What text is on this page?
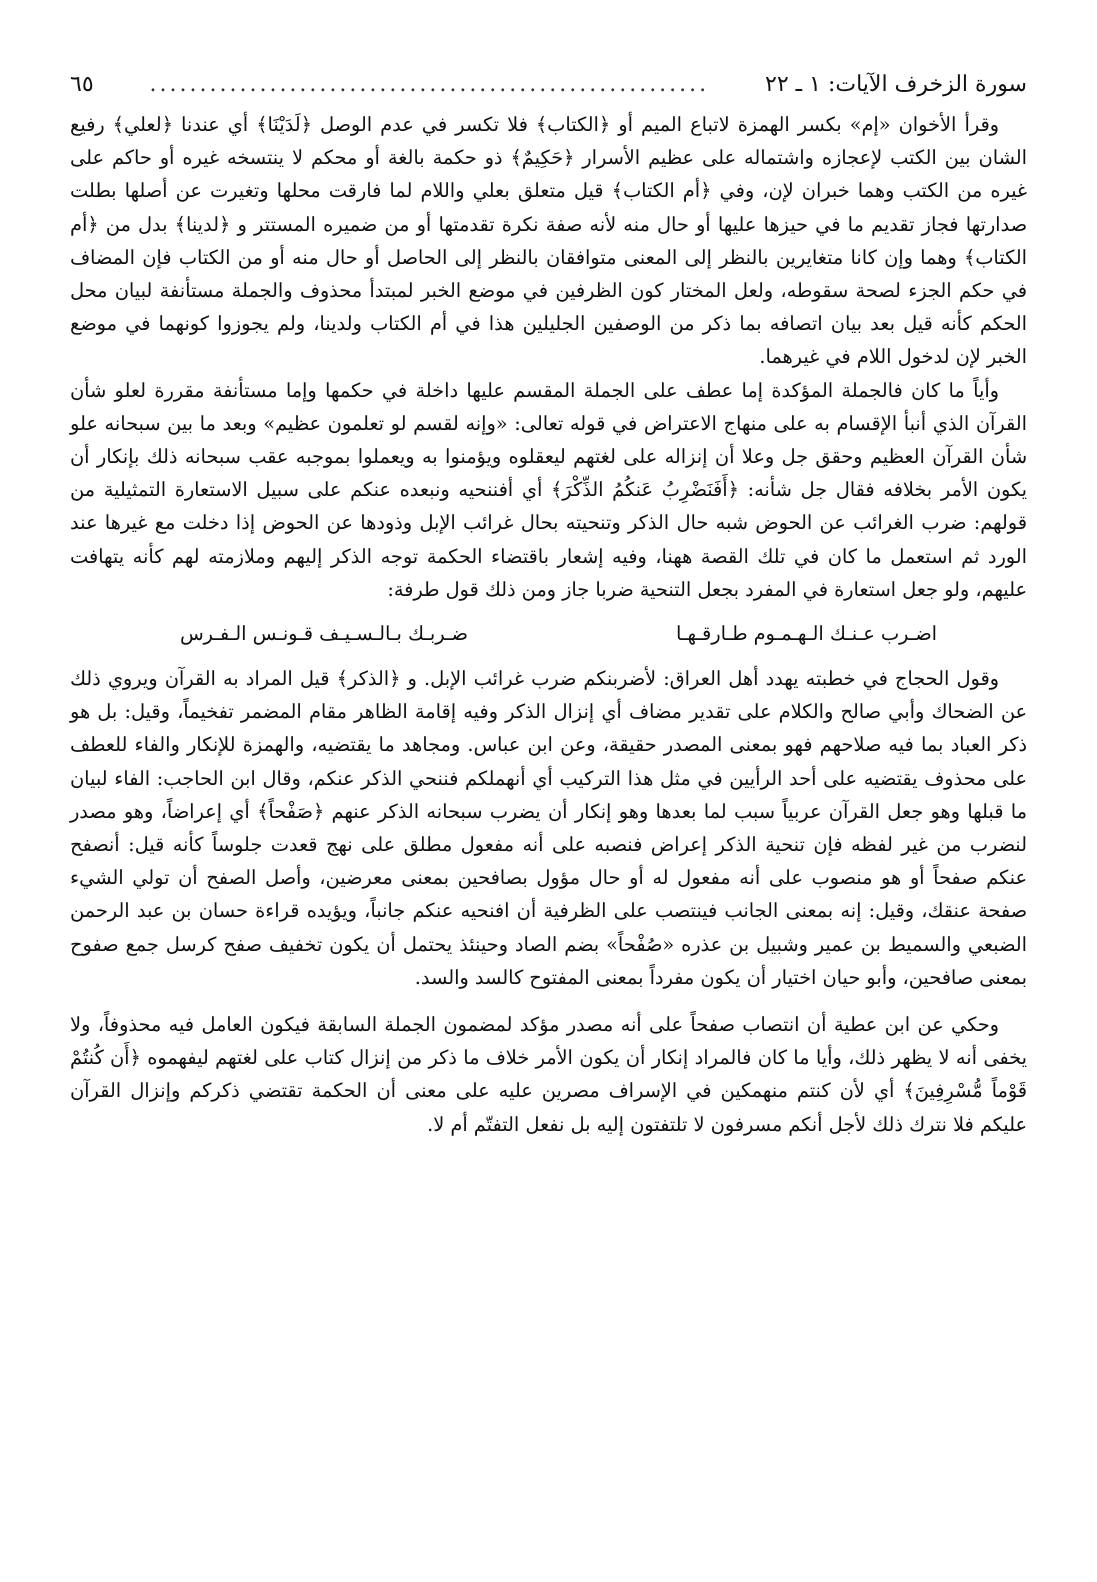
سورة الزخرف الآيات: ١ ـ ٢٢
........................................................
٦٥

وقرأ الأخوان «إم» بكسر الهمزة لاتباع الميم أو ﴿الكتاب﴾ فلا تكسر في عدم الوصل ﴿لَدَيْنَا﴾ أي عندنا ﴿لعلي﴾ رفيع الشان بين الكتب لإعجازه واشتماله على عظيم الأسرار ﴿حَكِيمٌ﴾ ذو حكمة بالغة أو محكم لا ينتسخه غيره أو حاكم على غيره من الكتب وهما خبران لإن، وفي ﴿أم الكتاب﴾ قيل متعلق بعلي واللام لما فارقت محلها وتغيرت عن أصلها بطلت صدارتها فجاز تقديم ما في حيزها عليها أو حال منه لأنه صفة نكرة تقدمتها أو من ضميره المستتر و ﴿لدينا﴾ بدل من ﴿أم الكتاب﴾ وهما وإن كانا متغايرين بالنظر إلى المعنى متوافقان بالنظر إلى الحاصل أو حال منه أو من الكتاب فإن المضاف في حكم الجزء لصحة سقوطه، ولعل المختار كون الظرفين في موضع الخبر لمبتدأ محذوف والجملة مستأنفة لبيان محل الحكم كأنه قيل بعد بيان اتصافه بما ذكر من الوصفين الجليلين هذا في أم الكتاب ولدينا، ولم يجوزوا كونهما في موضع الخبر لإن لدخول اللام في غيرهما.

وأياً ما كان فالجملة المؤكدة إما عطف على الجملة المقسم عليها داخلة في حكمها وإما مستأنفة مقررة لعلو شأن القرآن الذي أنبأ الإقسام به على منهاج الاعتراض في قوله تعالى: «وإنه لقسم لو تعلمون عظيم» وبعد ما بين سبحانه علو شأن القرآن العظيم وحقق جل وعلا أن إنزاله على لغتهم ليعقلوه ويؤمنوا به ويعملوا بموجبه عقب سبحانه ذلك بإنكار أن يكون الأمر بخلافه فقال جل شأنه: ﴿أَفَنَضْرِبُ عَنكُمُ الذِّكْرَ﴾ أي أفننحيه ونبعده عنكم على سبيل الاستعارة التمثيلية من قولهم: ضرب الغرائب عن الحوض شبه حال الذكر وتنحيته بحال غرائب الإبل وذودها عن الحوض إذا دخلت مع غيرها عند الورد ثم استعمل ما كان في تلك القصة ههنا، وفيه إشعار باقتضاء الحكمة توجه الذكر إليهم وملازمته لهم كأنه يتهافت عليهم، ولو جعل استعارة في المفرد بجعل التنحية ضربا جاز ومن ذلك قول طرفة:

اضـرب عـنـك الـهـمـوم طـارقـهـا
ضـربـك بـالـسـيـف قـونـس الـفـرس

وقول الحجاج في خطبته يهدد أهل العراق: لأضربنكم ضرب غرائب الإبل. و ﴿الذكر﴾ قيل المراد به القرآن ويروي ذلك عن الضحاك وأبي صالح والكلام على تقدير مضاف أي إنزال الذكر وفيه إقامة الظاهر مقام المضمر تفخيماً، وقيل: بل هو ذكر العباد بما فيه صلاحهم فهو بمعنى المصدر حقيقة، وعن ابن عباس. ومجاهد ما يقتضيه، والهمزة للإنكار والفاء للعطف على محذوف يقتضيه على أحد الرأيين في مثل هذا التركيب أي أنهملكم فننحي الذكر عنكم، وقال ابن الحاجب: الفاء لبيان ما قبلها وهو جعل القرآن عربياً سبب لما بعدها وهو إنكار أن يضرب سبحانه الذكر عنهم ﴿صَفْحاً﴾ أي إعراضاً، وهو مصدر لنضرب من غير لفظه فإن تنحية الذكر إعراض فنصبه على أنه مفعول مطلق على نهج قعدت جلوساً كأنه قيل: أنصفح عنكم صفحاً أو هو منصوب على أنه مفعول له أو حال مؤول بصافحين بمعنى معرضين، وأصل الصفح أن تولي الشيء صفحة عنقك، وقيل: إنه بمعنى الجانب فينتصب على الظرفية أن افنحيه عنكم جانباً، ويؤيده قراءة حسان بن عبد الرحمن الضبعي والسميط بن عمير وشبيل بن عذره «صُفْحاً» بضم الصاد وحينئذ يحتمل أن يكون تخفيف صفح كرسل جمع صفوح بمعنى صافحين، وأبو حيان اختيار أن يكون مفرداً بمعنى المفتوح كالسد والسد.

وحكي عن ابن عطية أن انتصاب صفحاً على أنه مصدر مؤكد لمضمون الجملة السابقة فيكون العامل فيه محذوفاً، ولا يخفى أنه لا يظهر ذلك، وأيا ما كان فالمراد إنكار أن يكون الأمر خلاف ما ذكر من إنزال كتاب على لغتهم ليفهموه ﴿أَن كُنتُمْ قَوْماً مُّسْرِفِينَ﴾ أي لأن كنتم منهمكين في الإسراف مصرين عليه على معنى أن الحكمة تقتضي ذكركم وإنزال القرآن عليكم فلا نترك ذلك لأجل أنكم مسرفون لا تلتفتون إليه بل نفعل التفتّم أم لا.
